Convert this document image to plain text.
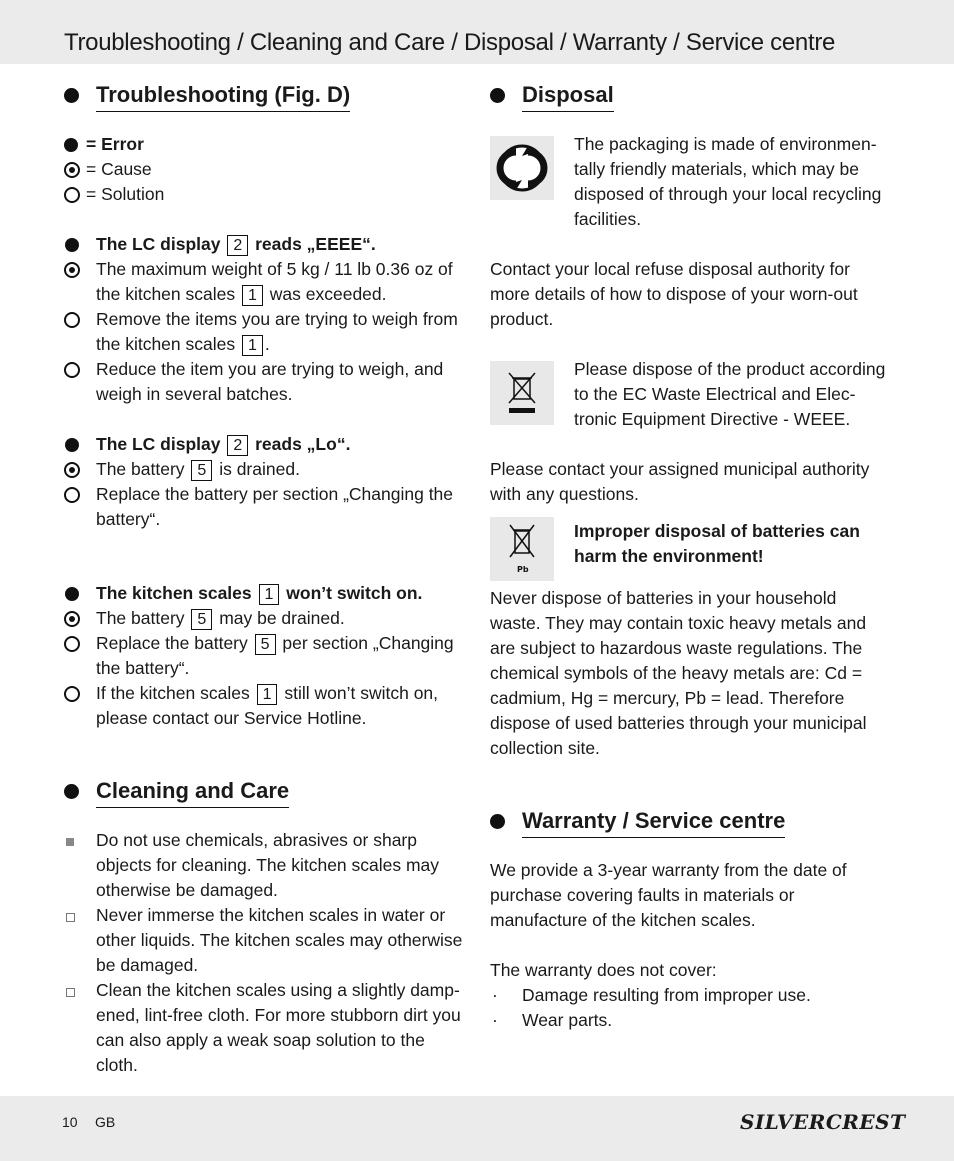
Troubleshooting / Cleaning and Care / Disposal / Warranty / Service centre
Troubleshooting (Fig. D)
= Error
= Cause
= Solution
The LC display 2 reads „EEEE“.
The maximum weight of 5 kg / 11 lb 0.36 oz of the kitchen scales 1 was exceeded.
Remove the items you are trying to weigh from the kitchen scales 1 .
Reduce the item you are trying to weigh, and weigh in several batches.
The LC display 2 reads „Lo“.
The battery 5 is drained.
Replace the battery per section „Changing the battery“.
The kitchen scales 1 won’t switch on.
The battery 5 may be drained.
Replace the battery 5 per section „Changing the battery“.
If the kitchen scales 1 still won’t switch on, please contact our Service Hotline.
Cleaning and Care
Do not use chemicals, abrasives or sharp objects for cleaning. The kitchen scales may otherwise be damaged.
Never immerse the kitchen scales in water or other liquids. The kitchen scales may otherwise be damaged.
Clean the kitchen scales using a slightly damp-ened, lint-free cloth. For more stubborn dirt you can also apply a weak soap solution to the cloth.
Disposal
The packaging is made of environmen-tally friendly materials, which may be disposed of through your local recycling facilities.
Contact your local refuse disposal authority for more details of how to dispose of your worn-out product.
Please dispose of the product according to the EC Waste Electrical and Elec-tronic Equipment Directive - WEEE.
Please contact your assigned municipal authority with any questions.
Pb
Improper disposal of batteries can harm the environment!
Never dispose of batteries in your household waste. They may contain toxic heavy metals and are subject to hazardous waste regulations. The chemical symbols of the heavy metals are: Cd = cadmium, Hg = mercury, Pb = lead. Therefore dispose of used batteries through your municipal collection site.
Warranty / Service centre
We provide a 3-year warranty from the date of purchase covering faults in materials or manufacture of the kitchen scales.
The warranty does not cover:
· Damage resulting from improper use.
· Wear parts.
10 GB	SILVERCREST
